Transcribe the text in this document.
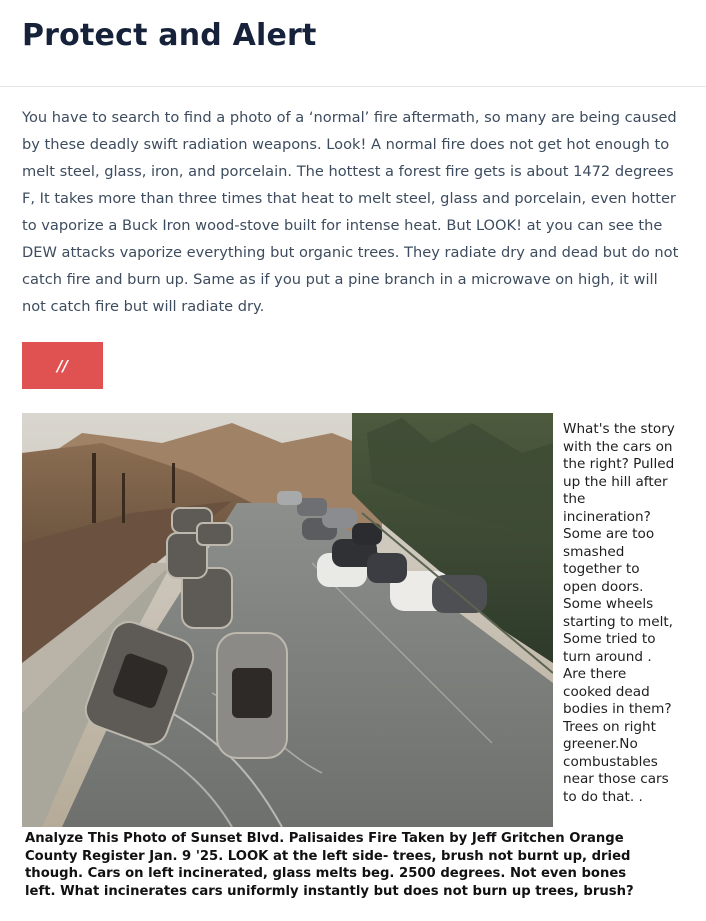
Protect and Alert

You have to search to find a photo of a ‘normal’ fire aftermath, so many are being caused by these deadly swift radiation weapons. Look! A normal fire does not get hot enough to melt steel, glass, iron, and porcelain. The hottest a forest fire gets is about 1472 degrees F, It takes more than three times that heat to melt steel, glass and porcelain, even hotter to vaporize a Buck Iron wood-stove built for intense heat. But LOOK! at you can see the DEW attacks vaporize everything but organic trees. They radiate dry and dead but do not catch fire and burn up. Same as if you put a pine branch in a microwave on high, it will not catch fire but will radiate dry.

//

What's the story
with the cars on
the right? Pulled
up the hill after
the
incineration?
Some are too
smashed
together to
open doors.
Some wheels
starting to melt,
Some tried to
turn around .
Are there
cooked dead
bodies in them?
Trees on right
greener.No
combustables
near those cars
to do that. .

Analyze This Photo of Sunset Blvd. Palisaides Fire Taken by Jeff Gritchen Orange
County Register Jan. 9 '25. LOOK at the left side- trees, brush not burnt up, dried
though. Cars on left incinerated, glass melts beg. 2500 degrees. Not even bones
left. What incinerates cars uniformly instantly but does not burn up trees, brush?
